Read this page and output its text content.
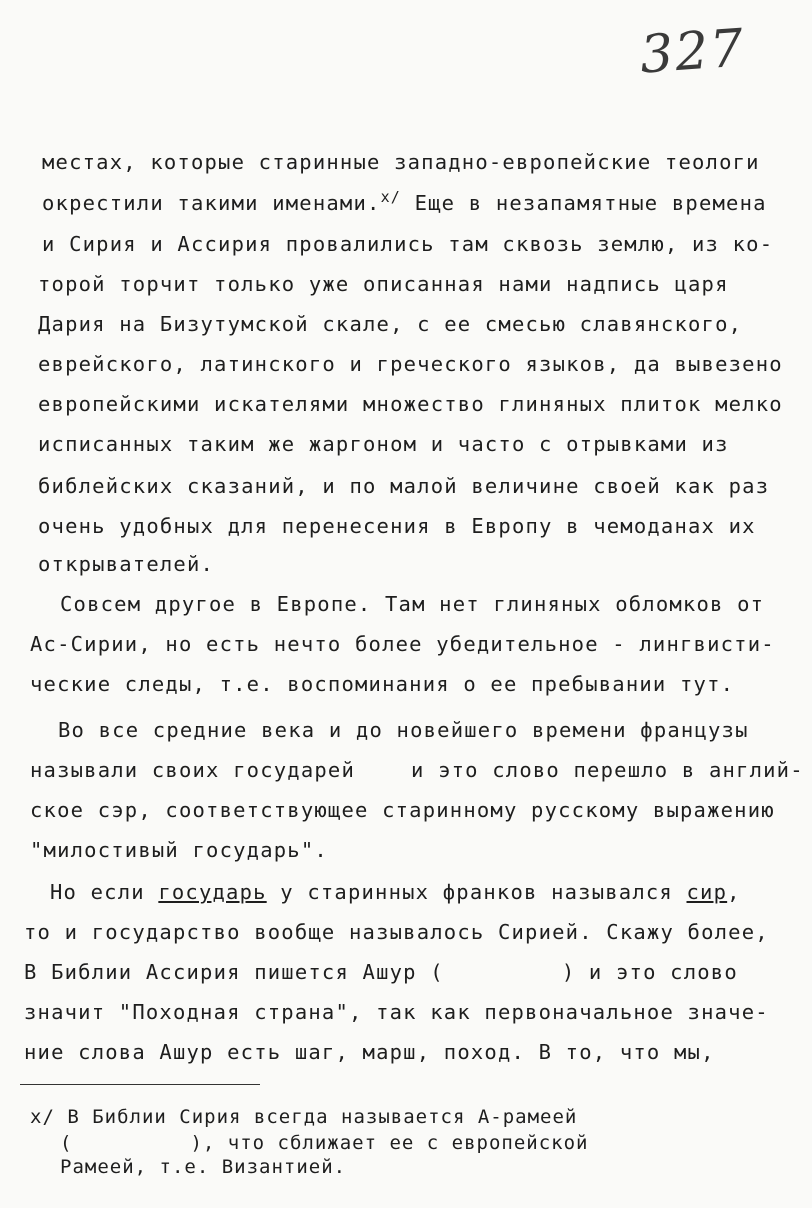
327
местах, которые старинные западно-европейские теологи
окрестили такими именами.$^{x/}$ Еще в незапамятные времена
и Сирия и Ассирия провалились там сквозь землю, из ко-
торой торчит только уже описанная нами надпись царя
Дария на Бизутумской скале, с ее смесью славянского,
еврейского, латинского и греческого языков, да вывезено
европейскими искателями множество глиняных плиток мелко
исписанных таким же жаргоном и часто с отрывками из
библейских сказаний, и по малой величине своей как раз
очень удобных для перенесения в Европу в чемоданах их
открывателей.
Совсем другое в Европе. Там нет глиняных обломков от
Ас-Сирии, но есть нечто более убедительное - лингвисти-
ческие следы, т.е. воспоминания о ее пребывании тут.
Во все средние века и до новейшего времени французы
называли своих государей	и это слово перешло в англий-
ское сэр, соответствующее старинному русскому выражению
"милостивый государь".
Но если государь у старинных франков назывался сир,
то и государство вообще называлось Сирией. Скажу более,
В Библии Ассирия пишется Ашур (	) и это слово
значит "Походная страна", так как первоначальное значе-
ние слова Ашур есть шаг, марш, поход. В то, что мы,
x/ В Библии Сирия всегда называется А-рамеей
(	), что сближает ее с европейской
Рамеей, т.е. Византией.
